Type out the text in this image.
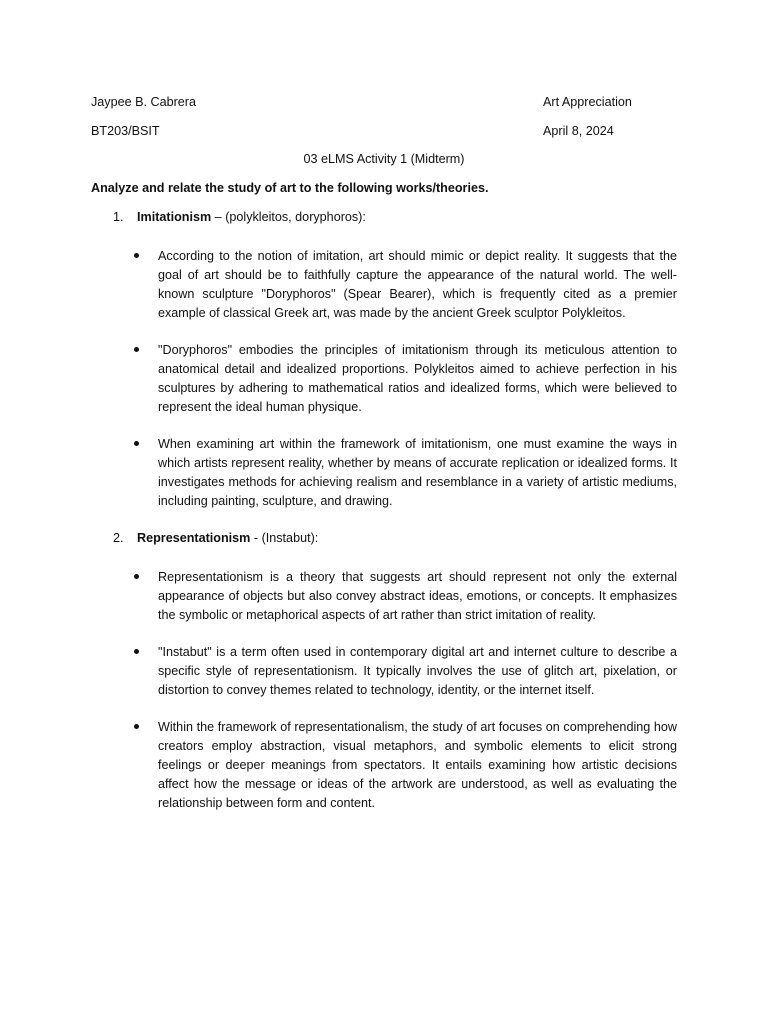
Jaypee B. Cabrera
BT203/BSIT
Art Appreciation
April 8, 2024
03 eLMS Activity 1 (Midterm)
Analyze and relate the study of art to the following works/theories.
1. Imitationism – (polykleitos, doryphoros):

According to the notion of imitation, art should mimic or depict reality. It suggests that the goal of art should be to faithfully capture the appearance of the natural world. The well-known sculpture "Doryphoros" (Spear Bearer), which is frequently cited as a premier example of classical Greek art, was made by the ancient Greek sculptor Polykleitos.

"Doryphoros" embodies the principles of imitationism through its meticulous attention to anatomical detail and idealized proportions. Polykleitos aimed to achieve perfection in his sculptures by adhering to mathematical ratios and idealized forms, which were believed to represent the ideal human physique.

When examining art within the framework of imitationism, one must examine the ways in which artists represent reality, whether by means of accurate replication or idealized forms. It investigates methods for achieving realism and resemblance in a variety of artistic mediums, including painting, sculpture, and drawing.

2. Representationism - (Instabut):

Representationism is a theory that suggests art should represent not only the external appearance of objects but also convey abstract ideas, emotions, or concepts. It emphasizes the symbolic or metaphorical aspects of art rather than strict imitation of reality.

"Instabut" is a term often used in contemporary digital art and internet culture to describe a specific style of representationism. It typically involves the use of glitch art, pixelation, or distortion to convey themes related to technology, identity, or the internet itself.

Within the framework of representationalism, the study of art focuses on comprehending how creators employ abstraction, visual metaphors, and symbolic elements to elicit strong feelings or deeper meanings from spectators. It entails examining how artistic decisions affect how the message or ideas of the artwork are understood, as well as evaluating the relationship between form and content.
